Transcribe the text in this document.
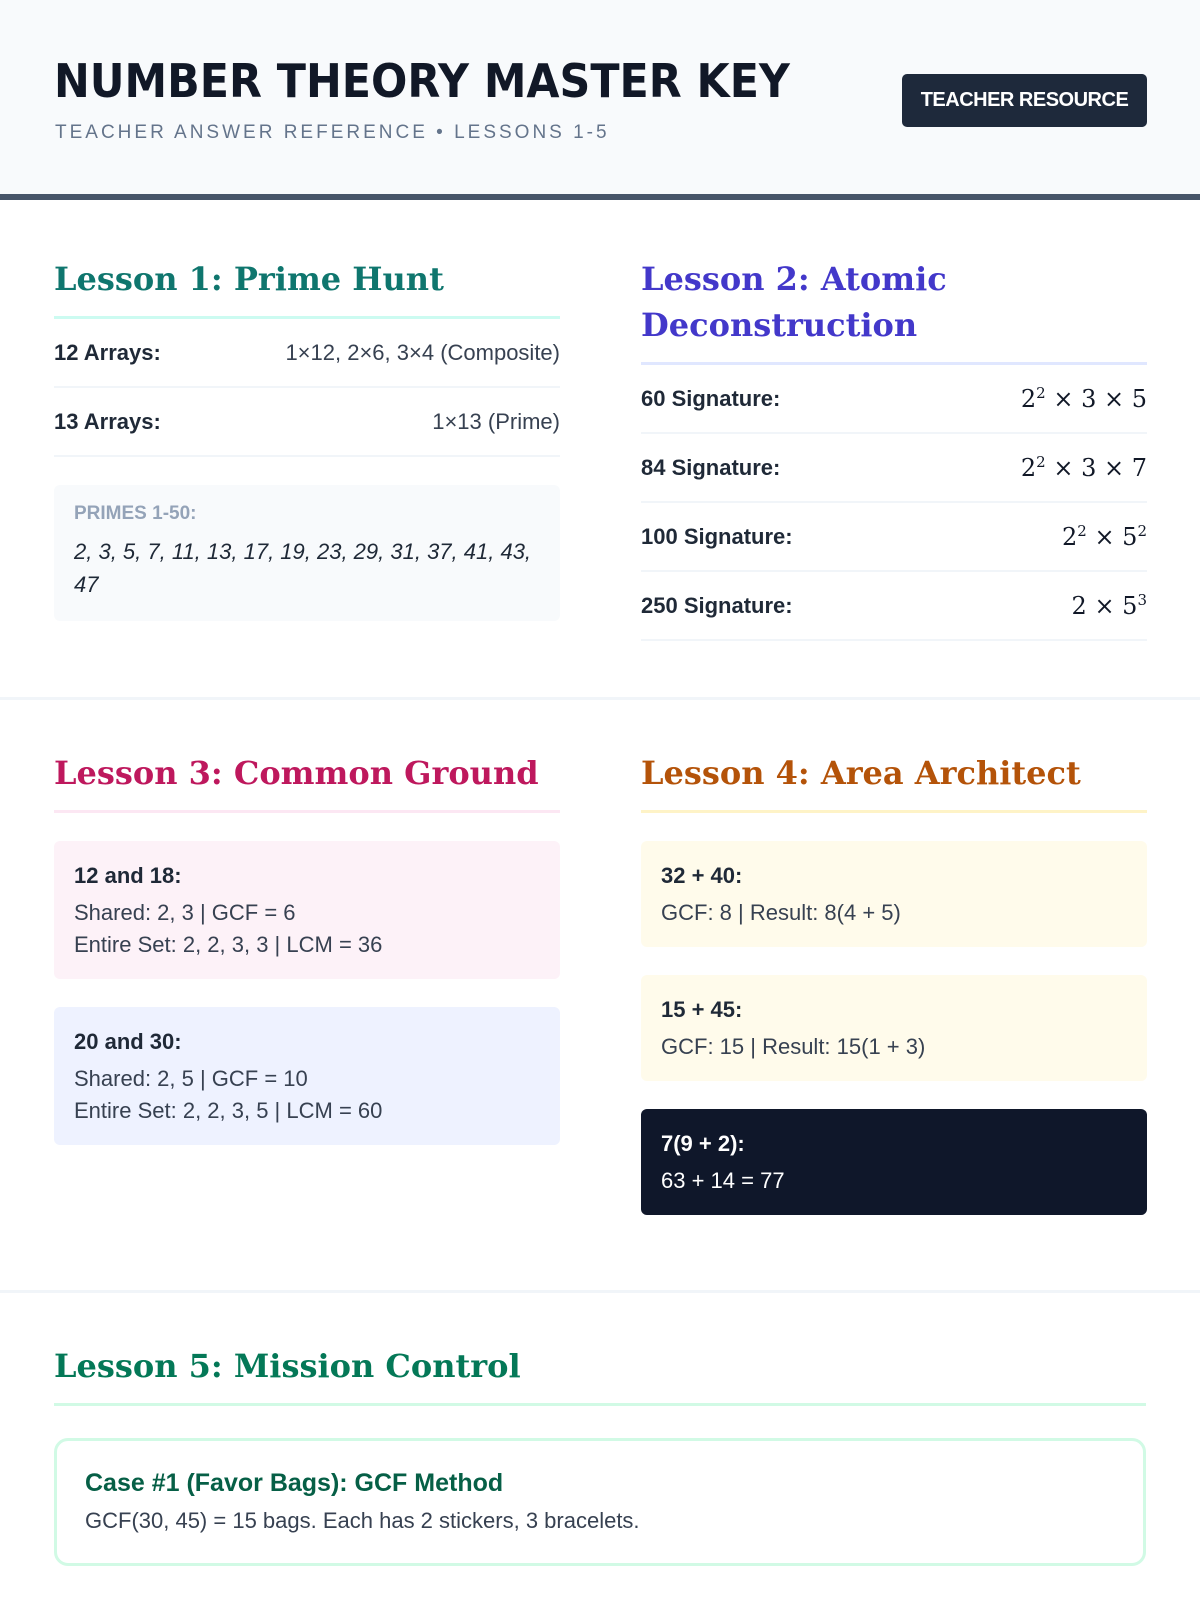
NUMBER THEORY MASTER KEY
TEACHER ANSWER REFERENCE • LESSONS 1-5
TEACHER RESOURCE
Lesson 1: Prime Hunt
12 Arrays:	1×12, 2×6, 3×4 (Composite)
13 Arrays:	1×13 (Prime)
PRIMES 1-50:
2, 3, 5, 7, 11, 13, 17, 19, 23, 29, 31, 37, 41, 43, 47
Lesson 2: Atomic Deconstruction
60 Signature:	$2^2 \times 3 \times 5$
84 Signature:	$2^2 \times 3 \times 7$
100 Signature:	$2^2 \times 5^2$
250 Signature:	$2 \times 5^3$
Lesson 3: Common Ground
12 and 18:
Shared: 2, 3 | GCF = 6
Entire Set: 2, 2, 3, 3 | LCM = 36
20 and 30:
Shared: 2, 5 | GCF = 10
Entire Set: 2, 2, 3, 5 | LCM = 60
Lesson 4: Area Architect
32 + 40:
GCF: 8 | Result: 8(4 + 5)
15 + 45:
GCF: 15 | Result: 15(1 + 3)
7(9 + 2):
63 + 14 = 77
Lesson 5: Mission Control
Case #1 (Favor Bags): GCF Method
GCF(30, 45) = 15 bags. Each has 2 stickers, 3 bracelets.
